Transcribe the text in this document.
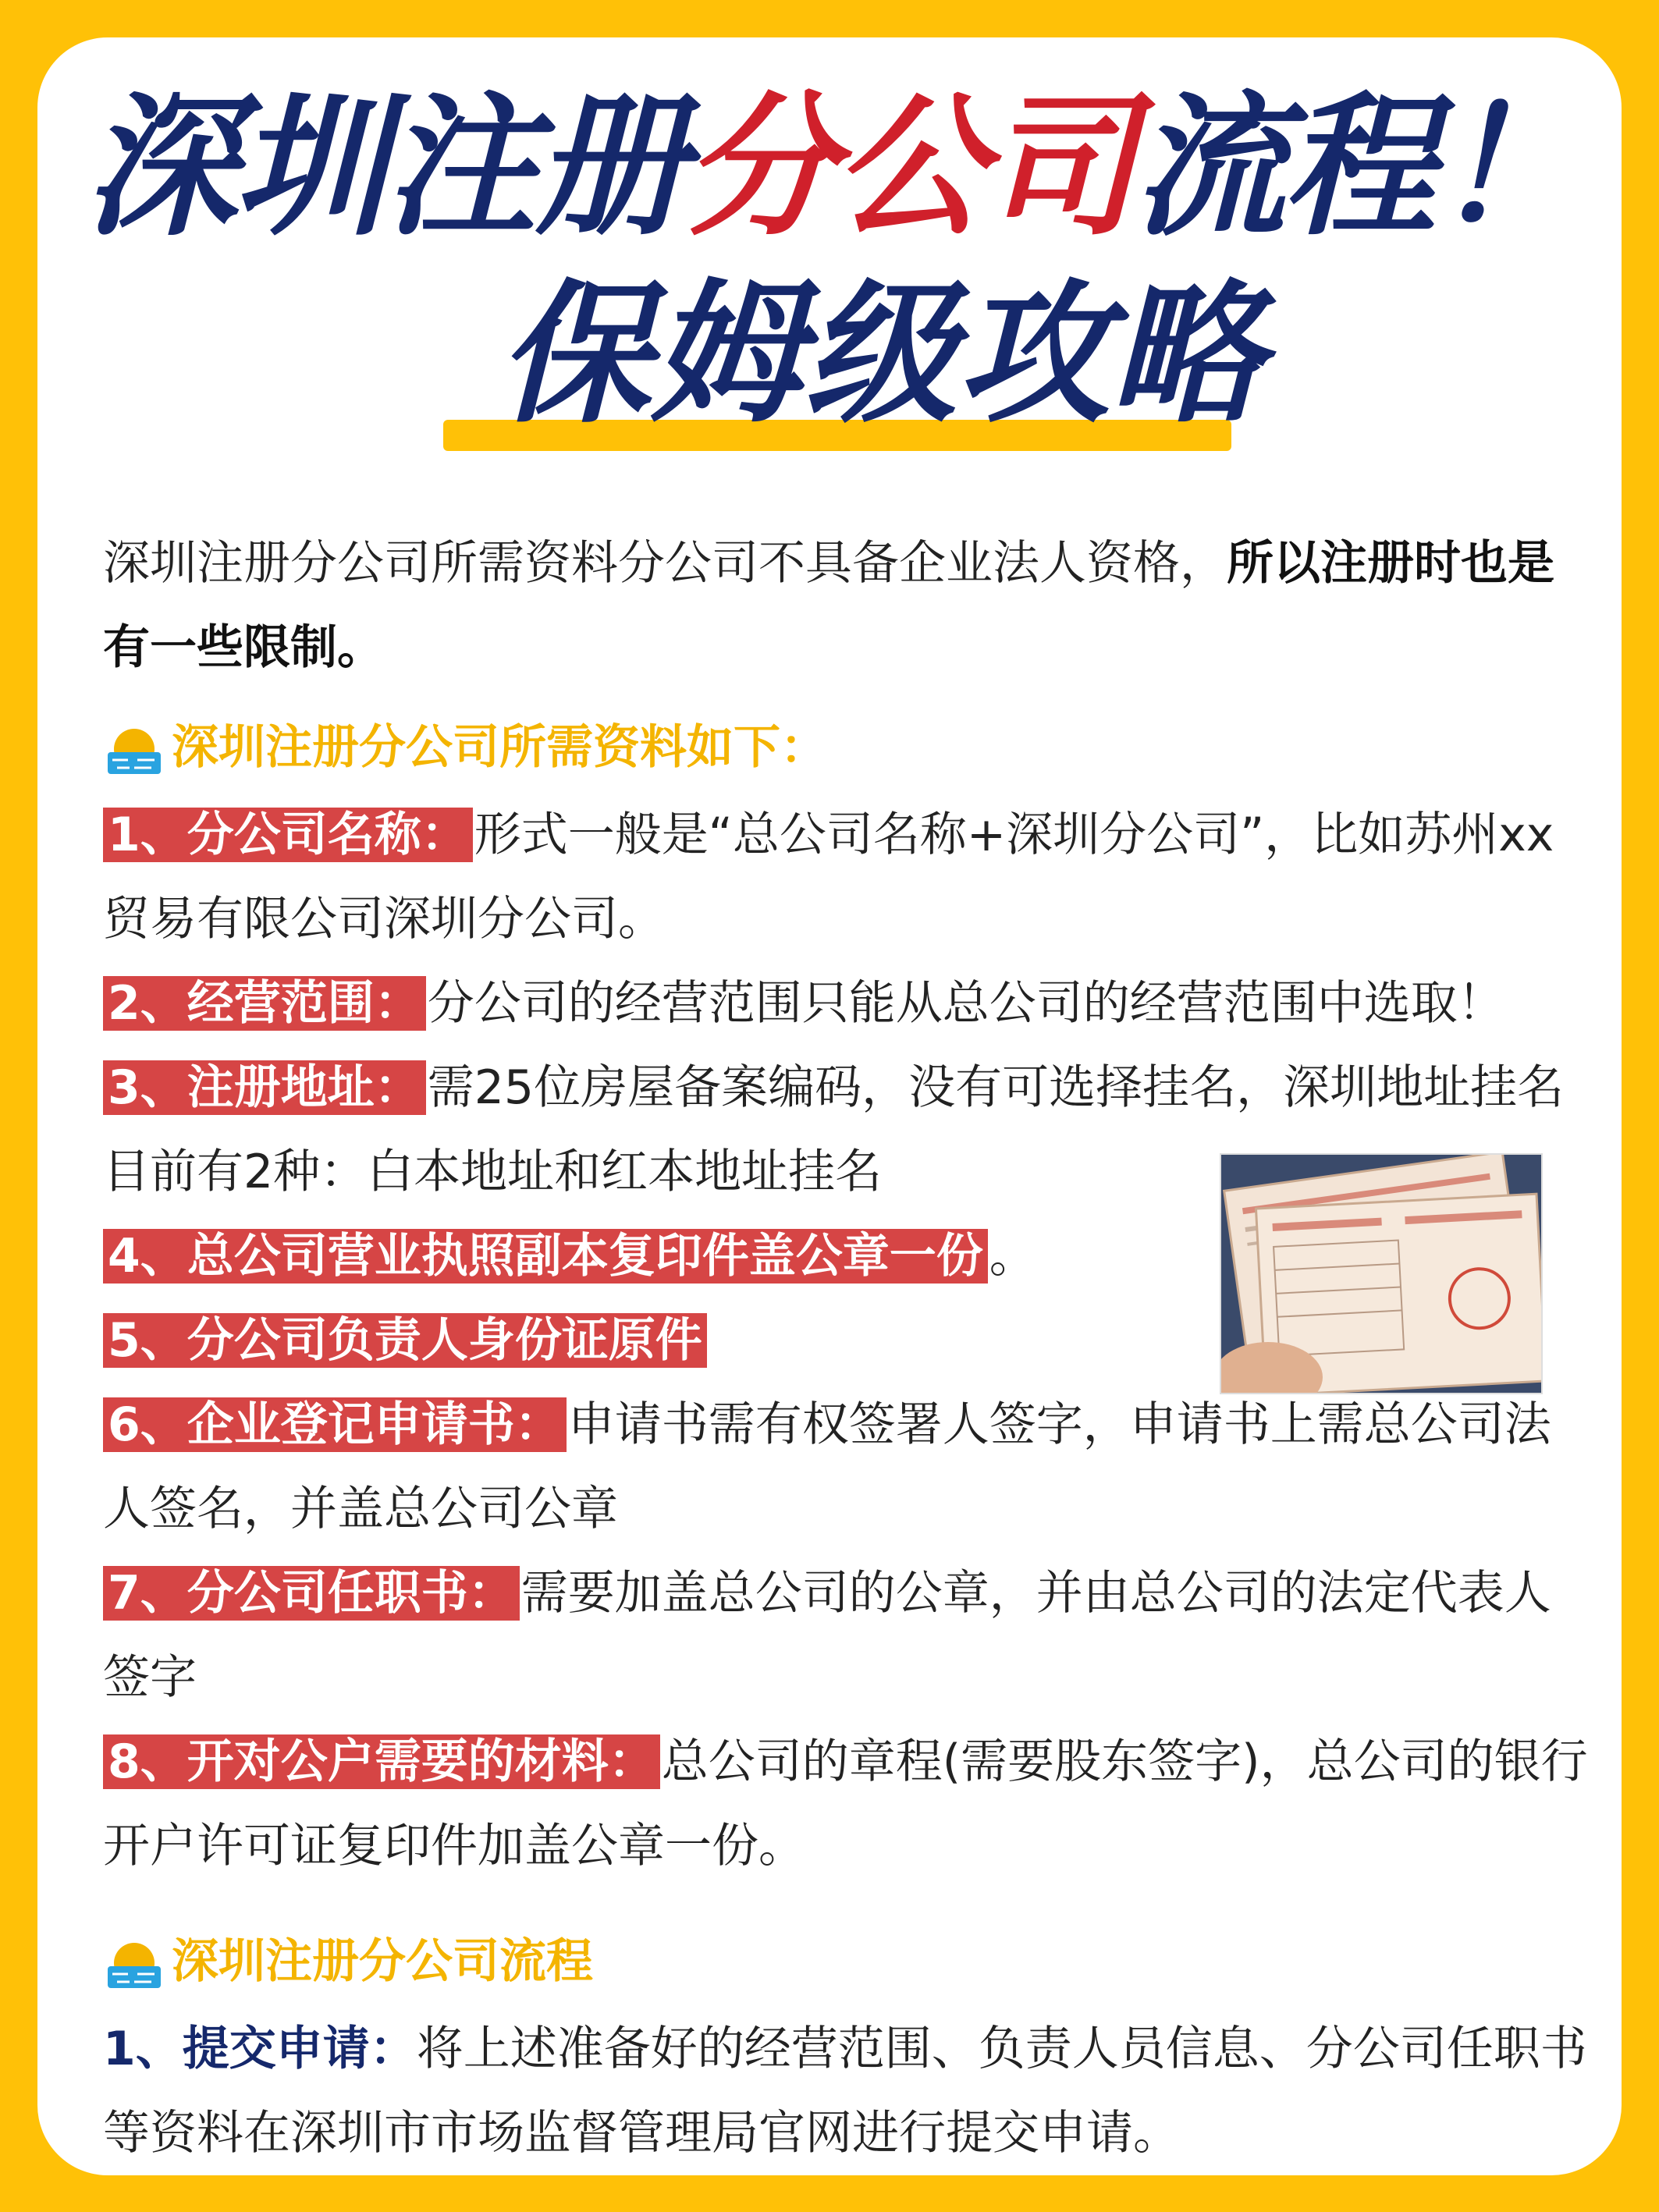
深圳注册分公司流程！
保姆级攻略

深圳注册分公司所需资料分公司不具备企业法人资格，所以注册时也是有一些限制。

深圳注册分公司所需资料如下：

1、分公司名称： 形式一般是“总公司名称+深圳分公司”，比如苏州xx贸易有限公司深圳分公司。

2、经营范围： 分公司的经营范围只能从总公司的经营范围中选取！

3、注册地址： 需25位房屋备案编码，没有可选择挂名，深圳地址挂名目前有2种：白本地址和红本地址挂名

4、总公司营业执照副本复印件盖公章一份 。

5、分公司负责人身份证原件

6、企业登记申请书： 申请书需有权签署人签字，申请书上需总公司法人签名，并盖总公司公章

7、分公司任职书： 需要加盖总公司的公章，并由总公司的法定代表人签字

8、开对公户需要的材料： 总公司的章程(需要股东签字)，总公司的银行开户许可证复印件加盖公章一份。

深圳注册分公司流程

1、提交申请：将上述准备好的经营范围、负责人员信息、分公司任职书等资料在深圳市市场监督管理局官网进行提交申请。
